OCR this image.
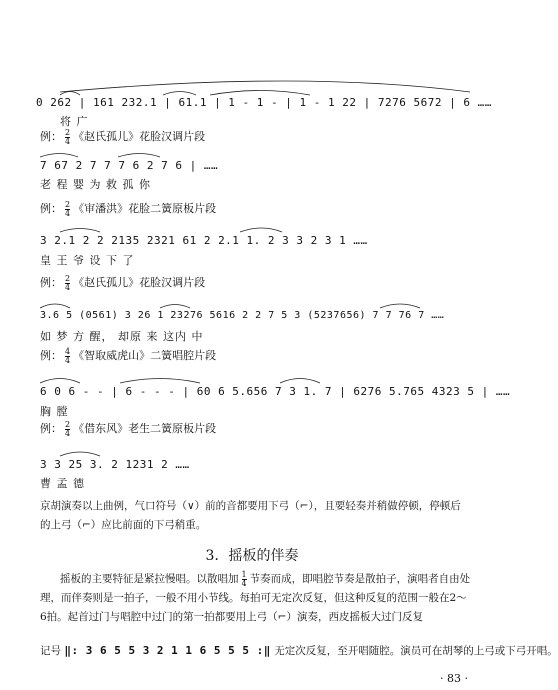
0 262 | 161 232.1 | 61.1 | 1 - 1 - | 1 - 1 22 | 7276 5672 | 6 ……
将 广
例： $\frac{2}{4}$ 《赵氏孤儿》花脸汉调片段
7 67 2 7 7 7 6 2 7 6 | ……
老 程 婴 为 救 孤 你
例： $\frac{2}{4}$ 《审潘洪》花脸二簧原板片段
3 2.1 2 2 2135 2321 61 2 2.1 1. 2 3 3 2 3 1 ……
皇 王 爷 设 下 了
例： $\frac{2}{4}$ 《赵氏孤儿》花脸汉调片段
3.6 5 (0561) 3 26 1 23276 5616 2 2 7 5 3 (5237656) 7 7 76 7 ……
如 梦 方 醒， 却原 来 这内 中
例： $\frac{4}{4}$ 《智取威虎山》二簧唱腔片段
6 0 6 - - | 6 - - - | 60 6 5.656 7 3 1. 7 | 6276 5.765 4323 5 | ……
胸 膛
例： $\frac{2}{4}$ 《借东风》老生二簧原板片段
3 3 25 3. 2 1231 2 ……
曹 孟 德
京胡演奏以上曲例，气口符号（∨）前的音都要用下弓（⌐），且要轻奏并稍做停顿，停顿后的上弓（⌐）应比前面的下弓稍重。
3．摇板的伴奏
摇板的主要特征是紧拉慢唱。以散唱加 $\frac{1}{4}$ 节奏而成，即唱腔节奏是散拍子，演唱者自由处理，而伴奏则是一拍子，一般不用小节线。每拍可无定次反复，但这种反复的范围一般在2～6拍。起首过门与唱腔中过门的第一拍都要用上弓（⌐）演奏，西皮摇板大过门反复
记号 ‖: 3 6 5 5 3 2 1 1 6 5 5 5 :‖ 无定次反复，至开唱随腔。演员可在胡琴的上弓或下弓开唱。
· 83 ·
